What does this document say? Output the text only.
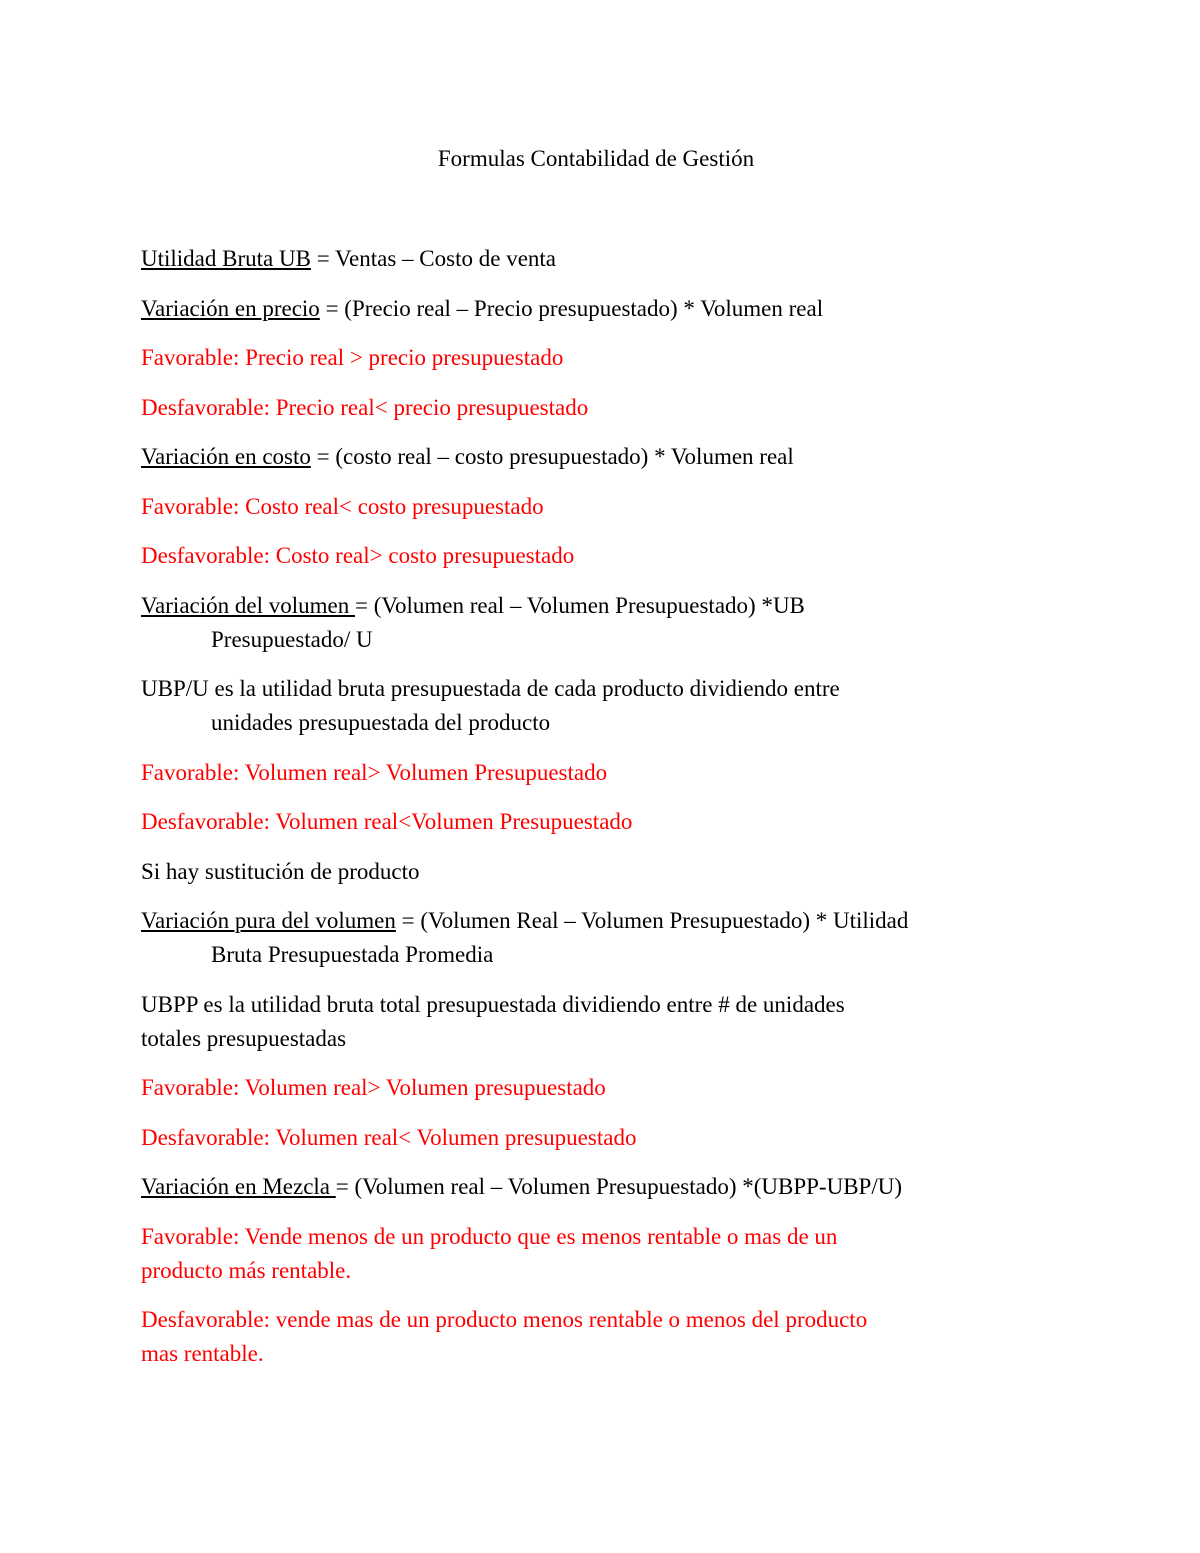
Formulas Contabilidad de Gestión

Utilidad Bruta UB = Ventas – Costo de venta

Variación en precio = (Precio real – Precio presupuestado) * Volumen real

Favorable: Precio real > precio presupuestado

Desfavorable: Precio real< precio presupuestado

Variación en costo = (costo real – costo presupuestado) * Volumen real

Favorable: Costo real< costo presupuestado

Desfavorable: Costo real> costo presupuestado

Variación del volumen = (Volumen real – Volumen Presupuestado) *UB
Presupuestado/ U

UBP/U es la utilidad bruta presupuestada de cada producto dividiendo entre
unidades presupuestada del producto

Favorable: Volumen real> Volumen Presupuestado

Desfavorable: Volumen real<Volumen Presupuestado

Si hay sustitución de producto

Variación pura del volumen = (Volumen Real – Volumen Presupuestado) * Utilidad
Bruta Presupuestada Promedia

UBPP es la utilidad bruta total presupuestada dividiendo entre # de unidades
totales presupuestadas

Favorable: Volumen real> Volumen presupuestado

Desfavorable: Volumen real< Volumen presupuestado

Variación en Mezcla = (Volumen real – Volumen Presupuestado) *(UBPP-UBP/U)

Favorable: Vende menos de un producto que es menos rentable o mas de un
producto más rentable.

Desfavorable: vende mas de un producto menos rentable o menos del producto
mas rentable.
